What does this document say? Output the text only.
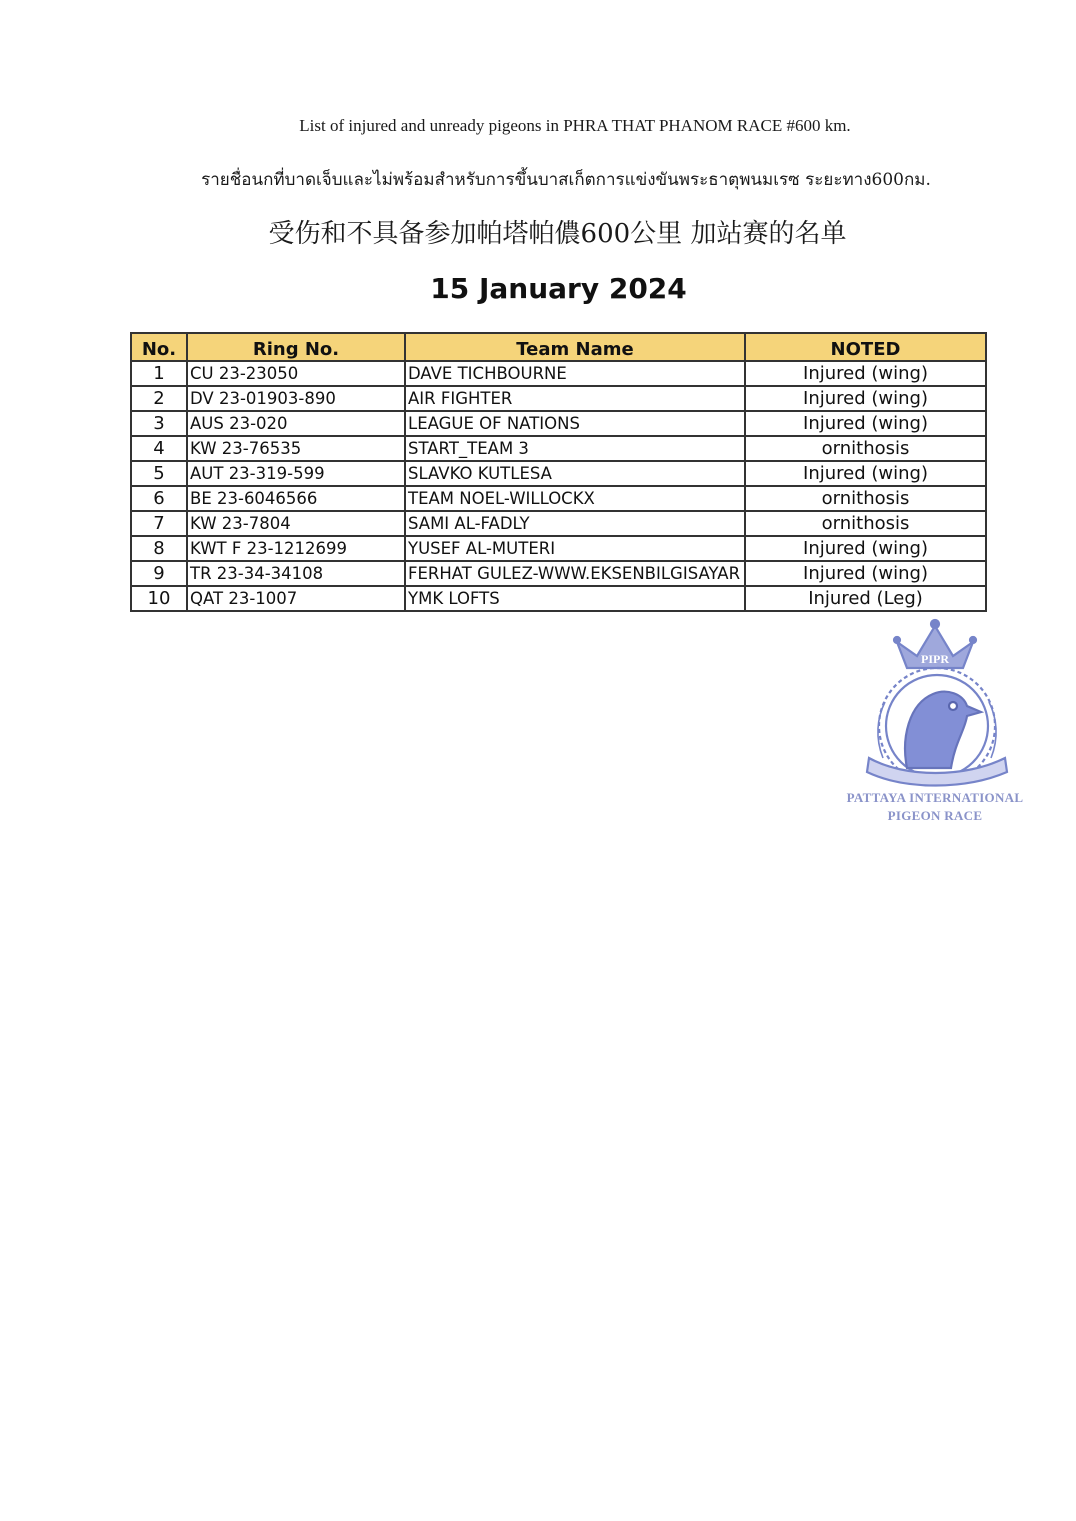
List of injured and unready pigeons in PHRA THAT PHANOM RACE #600 km.
รายชื่อนกที่บาดเจ็บและไม่พร้อมสำหรับการขึ้นบาสเก็ตการแข่งขันพระธาตุพนมเรซ ระยะทาง600กม.
受伤和不具备参加帕塔帕儂600公里 加站赛的名单
15 January 2024
No.	Ring No.	Team Name	NOTED
1	CU 23-23050	DAVE TICHBOURNE	Injured (wing)
2	DV 23-01903-890	AIR FIGHTER	Injured (wing)
3	AUS 23-020	LEAGUE OF NATIONS	Injured (wing)
4	KW 23-76535	START_TEAM 3	ornithosis
5	AUT 23-319-599	SLAVKO KUTLESA	Injured (wing)
6	BE 23-6046566	TEAM NOEL-WILLOCKX	ornithosis
7	KW 23-7804	SAMI AL-FADLY	ornithosis
8	KWT F 23-1212699	YUSEF AL-MUTERI	Injured (wing)
9	TR 23-34-34108	FERHAT GULEZ-WWW.EKSENBILGISAYAR	Injured (wing)
10	QAT 23-1007	YMK LOFTS	Injured (Leg)
PIPR
PATTAYA INTERNATIONAL
PIGEON RACE
